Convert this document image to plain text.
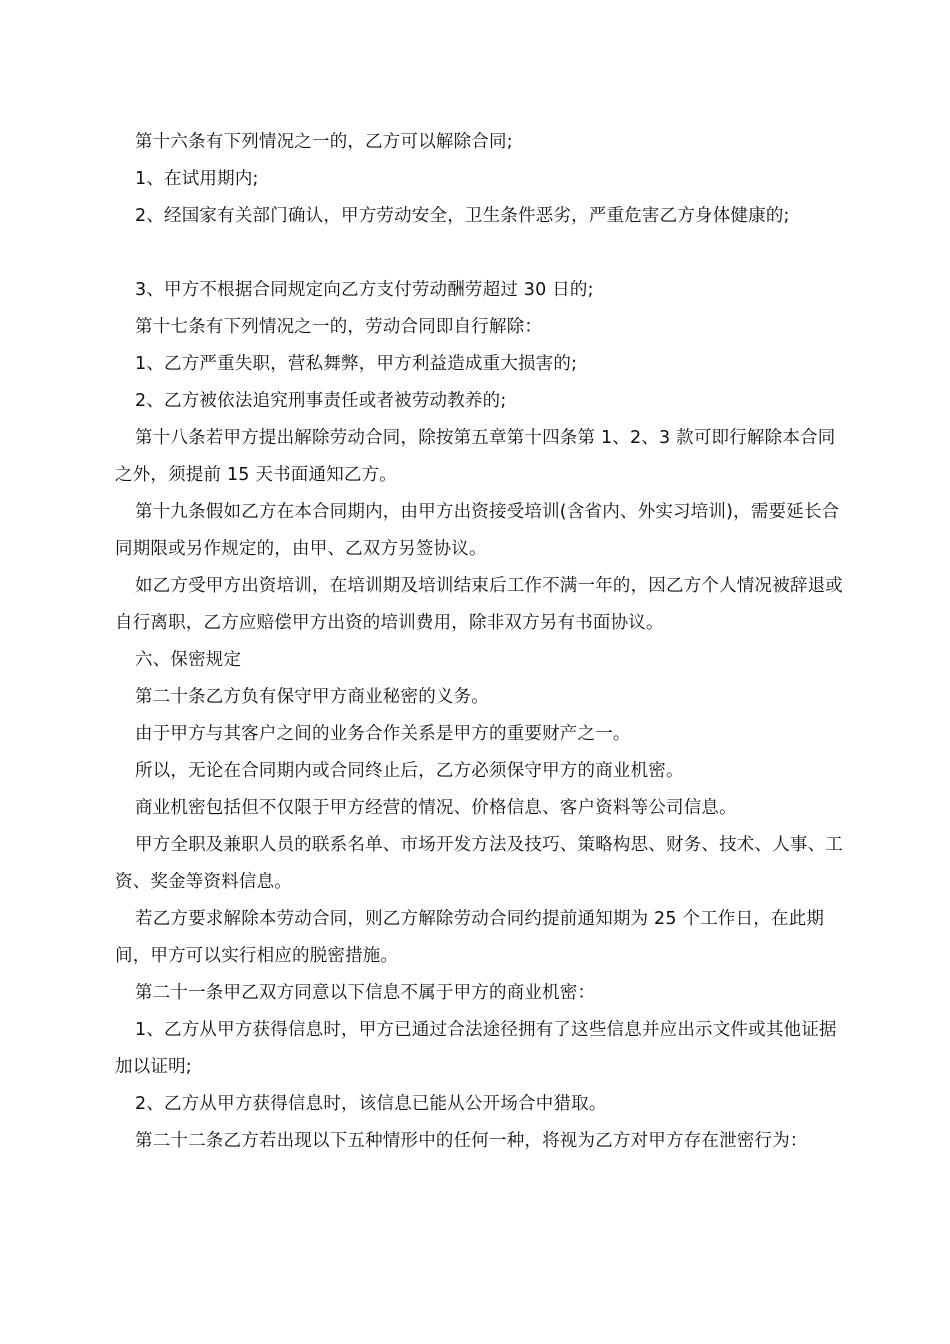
第十六条有下列情况之一的，乙方可以解除合同;

1、在试用期内;

2、经国家有关部门确认，甲方劳动安全，卫生条件恶劣，严重危害乙方身体健康的;

3、甲方不根据合同规定向乙方支付劳动酬劳超过 30 日的;

第十七条有下列情况之一的，劳动合同即自行解除：

1、乙方严重失职，营私舞弊，甲方利益造成重大损害的;

2、乙方被依法追究刑事责任或者被劳动教养的;

第十八条若甲方提出解除劳动合同，除按第五章第十四条第 1、2、3 款可即行解除本合同之外，须提前 15 天书面通知乙方。

第十九条假如乙方在本合同期内，由甲方出资接受培训(含省内、外实习培训)，需要延长合同期限或另作规定的，由甲、乙双方另签协议。

如乙方受甲方出资培训，在培训期及培训结束后工作不满一年的，因乙方个人情况被辞退或自行离职，乙方应赔偿甲方出资的培训费用，除非双方另有书面协议。

六、保密规定

第二十条乙方负有保守甲方商业秘密的义务。

由于甲方与其客户之间的业务合作关系是甲方的重要财产之一。

所以，无论在合同期内或合同终止后，乙方必须保守甲方的商业机密。

商业机密包括但不仅限于甲方经营的情况、价格信息、客户资料等公司信息。

甲方全职及兼职人员的联系名单、市场开发方法及技巧、策略构思、财务、技术、人事、工资、奖金等资料信息。

若乙方要求解除本劳动合同，则乙方解除劳动合同约提前通知期为 25 个工作日，在此期间，甲方可以实行相应的脱密措施。

第二十一条甲乙双方同意以下信息不属于甲方的商业机密：

1、乙方从甲方获得信息时，甲方已通过合法途径拥有了这些信息并应出示文件或其他证据加以证明;

2、乙方从甲方获得信息时，该信息已能从公开场合中猎取。

第二十二条乙方若出现以下五种情形中的任何一种，将视为乙方对甲方存在泄密行为：
